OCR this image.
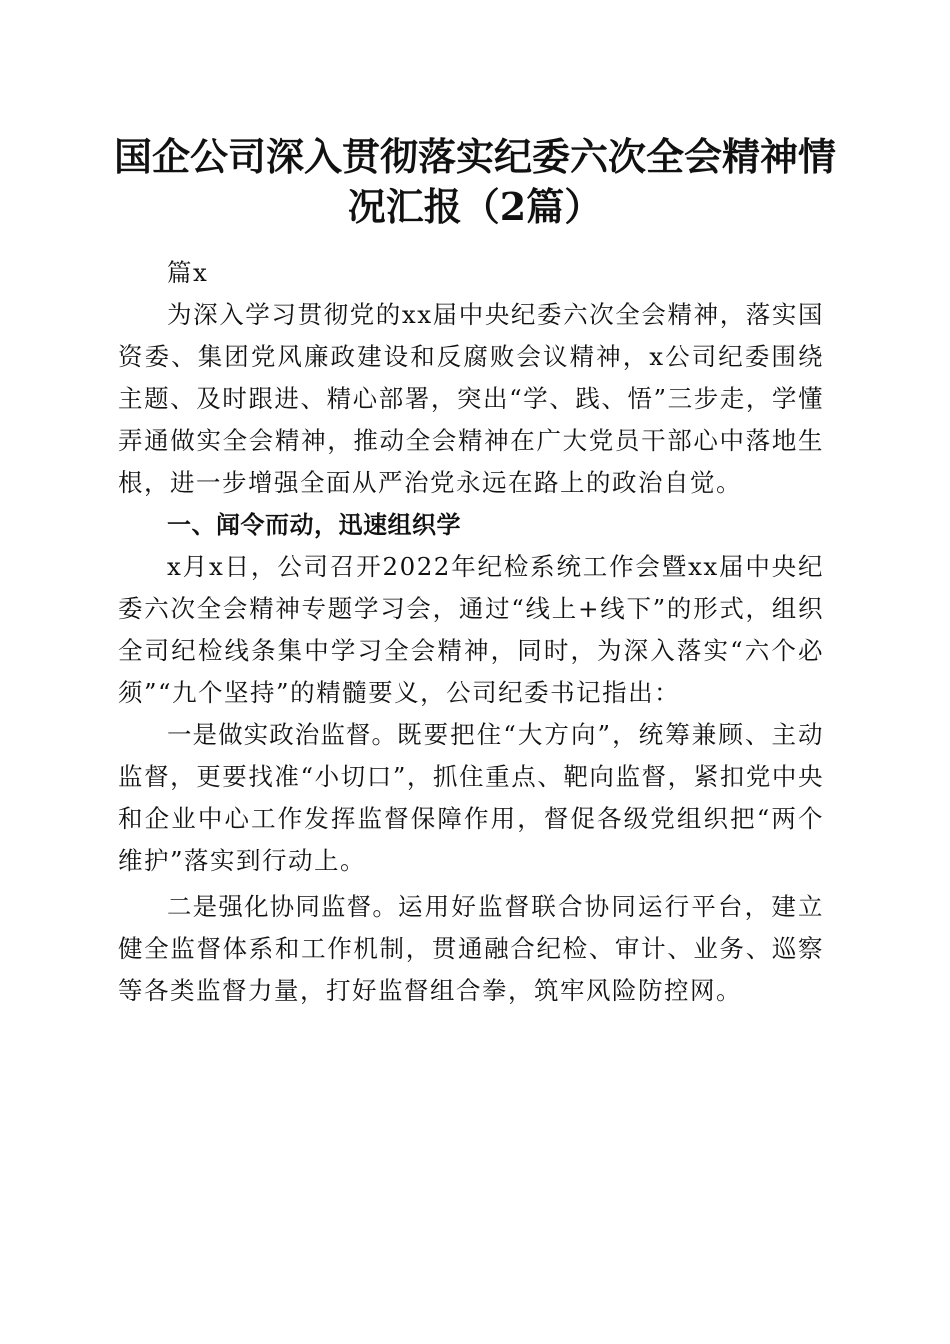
国企公司深入贯彻落实纪委六次全会精神情况汇报（2篇）

篇x

为深入学习贯彻党的xx届中央纪委六次全会精神，落实国资委、集团党风廉政建设和反腐败会议精神，x公司纪委围绕主题、及时跟进、精心部署，突出“学、践、悟”三步走，学懂弄通做实全会精神，推动全会精神在广大党员干部心中落地生根，进一步增强全面从严治党永远在路上的政治自觉。

一、闻令而动，迅速组织学

x月x日，公司召开2022年纪检系统工作会暨xx届中央纪委六次全会精神专题学习会，通过“线上+线下”的形式，组织全司纪检线条集中学习全会精神，同时，为深入落实“六个必须”“九个坚持”的精髓要义，公司纪委书记指出：

一是做实政治监督。既要把住“大方向”，统筹兼顾、主动监督，更要找准“小切口”，抓住重点、靶向监督，紧扣党中央和企业中心工作发挥监督保障作用，督促各级党组织把“两个维护”落实到行动上。

二是强化协同监督。运用好监督联合协同运行平台，建立健全监督体系和工作机制，贯通融合纪检、审计、业务、巡察等各类监督力量，打好监督组合拳，筑牢风险防控网。
